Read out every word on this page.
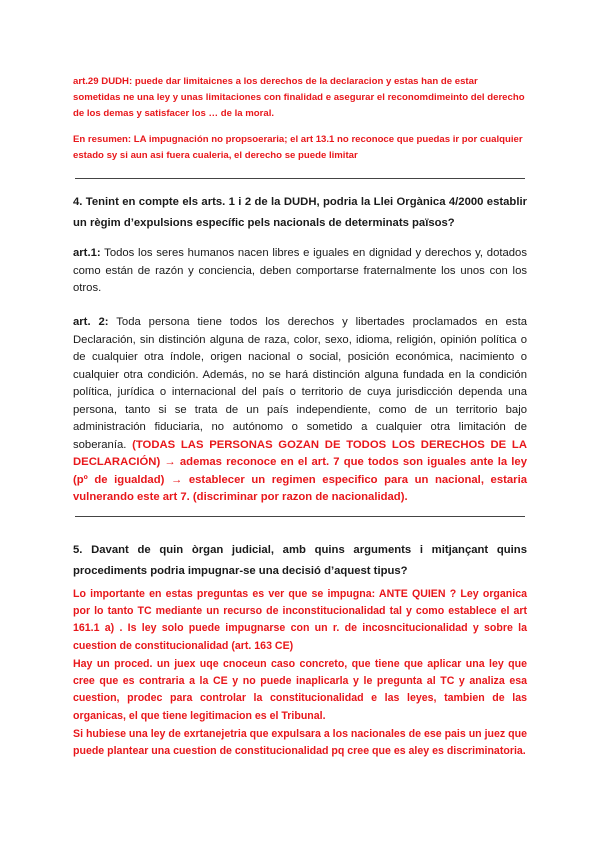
art.29 DUDH: puede dar limitaicnes a los derechos de la declaracion y estas han de estar sometidas ne una ley y unas limitaciones con finalidad e asegurar el reconomdimeinto del derecho de los demas y satisfacer los … de la moral.

En resumen: LA impugnación no propsoeraria; el art 13.1 no reconoce que puedas ir por cualquier estado sy si aun asi fuera cualeria, el derecho se puede limitar

4. Tenint en compte els arts. 1 i 2 de la DUDH, podria la Llei Orgànica 4/2000 establir un règim d’expulsions específic pels nacionals de determinats països?

art.1: Todos los seres humanos nacen libres e iguales en dignidad y derechos y, dotados como están de razón y conciencia, deben comportarse fraternalmente los unos con los otros.

art. 2: Toda persona tiene todos los derechos y libertades proclamados en esta Declaración, sin distinción alguna de raza, color, sexo, idioma, religión, opinión política o de cualquier otra índole, origen nacional o social, posición económica, nacimiento o cualquier otra condición. Además, no se hará distinción alguna fundada en la condición política, jurídica o internacional del país o territorio de cuya jurisdicción dependa una persona, tanto si se trata de un país independiente, como de un territorio bajo administración fiduciaria, no autónomo o sometido a cualquier otra limitación de soberanía. (TODAS LAS PERSONAS GOZAN DE TODOS LOS DERECHOS DE LA DECLARACIÓN) → ademas reconoce en el art. 7 que todos son iguales ante la ley (pº de igualdad) → establecer un regimen especifico para un nacional, estaria vulnerando este art 7. (discriminar por razon de nacionalidad).

5. Davant de quin òrgan judicial, amb quins arguments i mitjançant quins procediments podria impugnar-se una decisió d’aquest tipus?

Lo importante en estas preguntas es ver que se impugna: ANTE QUIEN ? Ley organica por lo tanto TC mediante un recurso de inconstitucionalidad tal y como establece el art 161.1 a) . Is ley solo puede impugnarse con un r. de incosncitucionalidad y sobre la cuestion de constitucionalidad (art. 163 CE)

Hay un proced. un juex uqe cnoceun caso concreto, que tiene que aplicar una ley que cree que es contraria a la CE y no puede inaplicarla y le pregunta al TC y analiza esa cuestion, prodec para controlar la constitucionalidad e las leyes, tambien de las organicas, el que tiene legitimacion es el Tribunal.

Si hubiese una ley de exrtanejetria que expulsara a los nacionales de ese pais un juez que puede plantear una cuestion de constitucionalidad pq cree que es aley es discriminatoria.
